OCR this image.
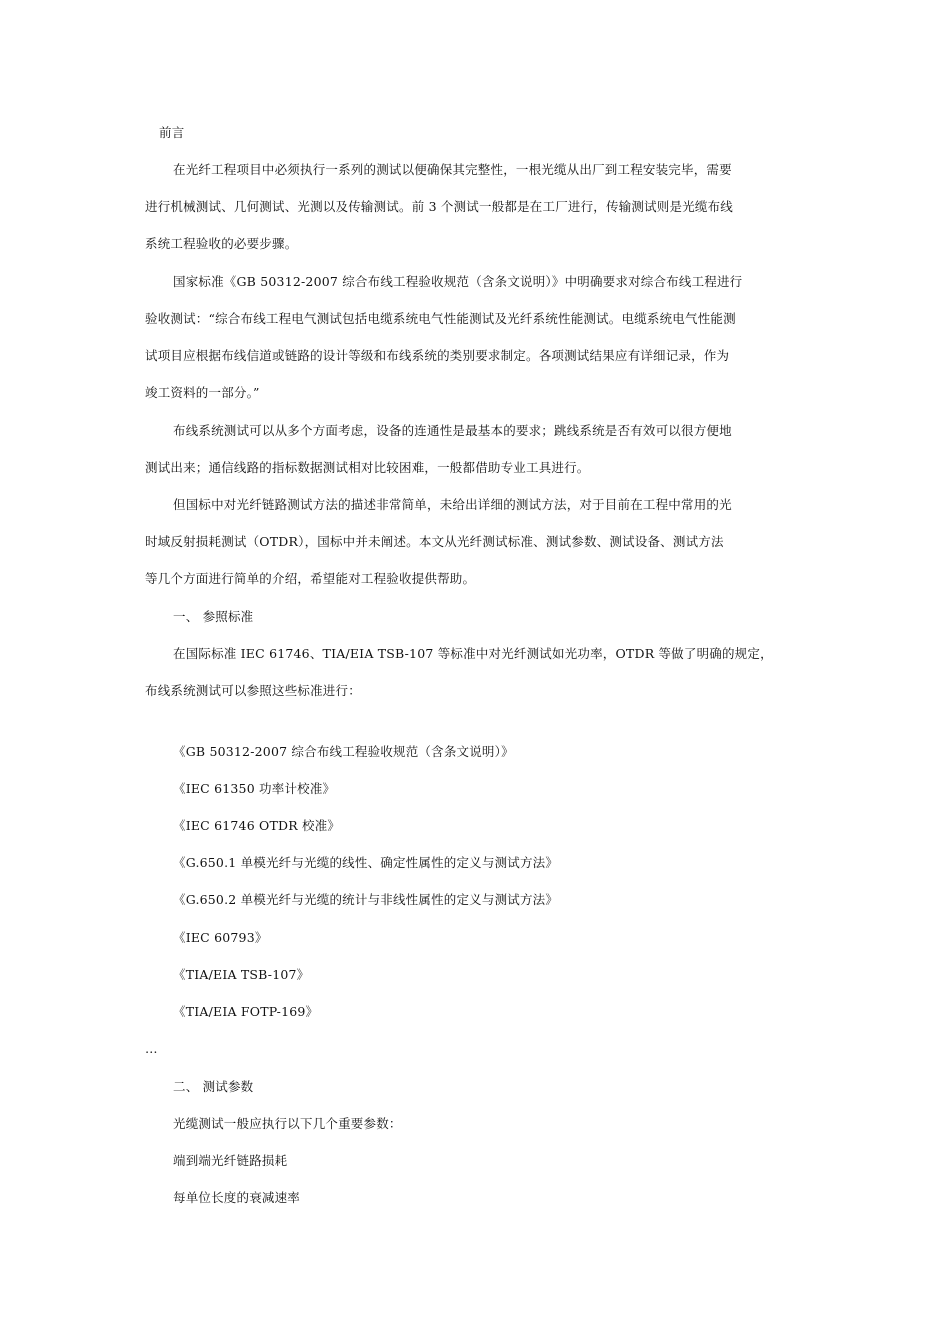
前言
在光纤工程项目中必须执行一系列的测试以便确保其完整性，一根光缆从出厂到工程安装完毕，需要
进行机械测试、几何测试、光测以及传输测试。前 3 个测试一般都是在工厂进行，传输测试则是光缆布线
系统工程验收的必要步骤。
国家标准《GB 50312-2007 综合布线工程验收规范（含条文说明）》中明确要求对综合布线工程进行
验收测试：“综合布线工程电气测试包括电缆系统电气性能测试及光纤系统性能测试。电缆系统电气性能测
试项目应根据布线信道或链路的设计等级和布线系统的类别要求制定。各项测试结果应有详细记录，作为
竣工资料的一部分。”
布线系统测试可以从多个方面考虑，设备的连通性是最基本的要求；跳线系统是否有效可以很方便地
测试出来；通信线路的指标数据测试相对比较困难，一般都借助专业工具进行。
但国标中对光纤链路测试方法的描述非常简单，未给出详细的测试方法，对于目前在工程中常用的光
时域反射损耗测试（OTDR），国标中并未阐述。本文从光纤测试标准、测试参数、测试设备、测试方法
等几个方面进行简单的介绍，希望能对工程验收提供帮助。
一、 参照标准
在国际标准 IEC 61746、TIA/EIA TSB-107 等标准中对光纤测试如光功率，OTDR 等做了明确的规定，
布线系统测试可以参照这些标准进行：
《GB 50312-2007 综合布线工程验收规范（含条文说明）》
《IEC 61350 功率计校准》
《IEC 61746 OTDR 校准》
《G.650.1 单模光纤与光缆的线性、确定性属性的定义与测试方法》
《G.650.2 单模光纤与光缆的统计与非线性属性的定义与测试方法》
《IEC 60793》
《TIA/EIA TSB-107》
《TIA/EIA FOTP-169》
…
二、 测试参数
光缆测试一般应执行以下几个重要参数：
端到端光纤链路损耗
每单位长度的衰减速率
